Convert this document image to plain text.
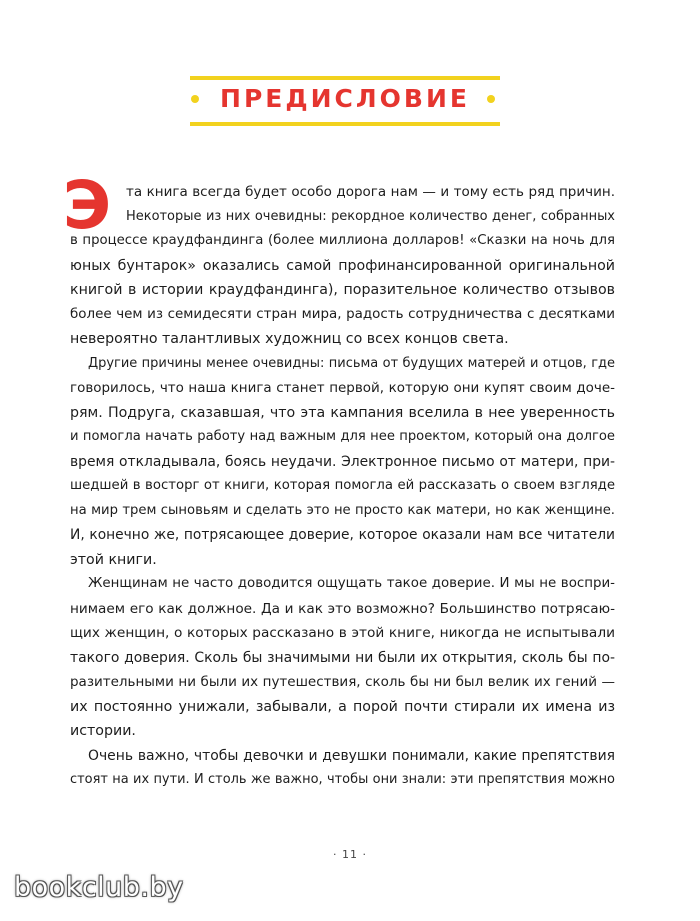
ПРЕДИСЛОВИЕ
Э	та книга всегда будет особо дорога нам — и тому есть ряд причин.
Некоторые из них очевидны: рекордное количество денег, собранных
в процессе краудфандинга (более миллиона долларов! «Сказки на ночь для
юных бунтарок» оказались самой профинансированной оригинальной
книгой в истории краудфандинга), поразительное количество отзывов
более чем из семидесяти стран мира, радость сотрудничества с десятками
невероятно талантливых художниц со всех концов света.
Другие причины менее очевидны: письма от будущих матерей и отцов, где
говорилось, что наша книга станет первой, которую они купят своим доче-
рям. Подруга, сказавшая, что эта кампания вселила в нее уверенность
и помогла начать работу над важным для нее проектом, который она долгое
время откладывала, боясь неудачи. Электронное письмо от матери, при-
шедшей в восторг от книги, которая помогла ей рассказать о своем взгляде
на мир трем сыновьям и сделать это не просто как матери, но как женщине.
И, конечно же, потрясающее доверие, которое оказали нам все читатели
этой книги.
Женщинам не часто доводится ощущать такое доверие. И мы не воспри-
нимаем его как должное. Да и как это возможно? Большинство потрясаю-
щих женщин, о которых рассказано в этой книге, никогда не испытывали
такого доверия. Сколь бы значимыми ни были их открытия, сколь бы по-
разительными ни были их путешествия, сколь бы ни был велик их гений —
их постоянно унижали, забывали, а порой почти стирали их имена из
истории.
Очень важно, чтобы девочки и девушки понимали, какие препятствия
стоят на их пути. И столь же важно, чтобы они знали: эти препятствия можно
· 11 ·
bookclub.by
